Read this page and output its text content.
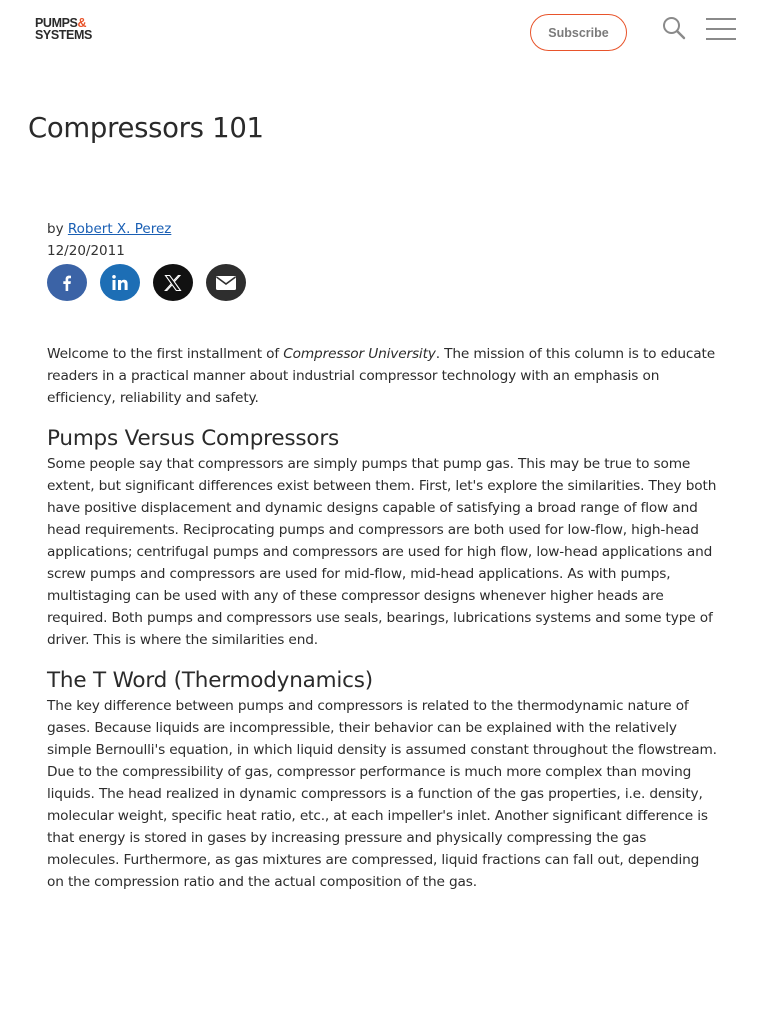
PUMPS&
SYSTEMS	Subscribe
Compressors 101
by Robert X. Perez
12/20/2011

Welcome to the first installment of Compressor University. The mission of this column is to educate readers in a practical manner about industrial compressor technology with an emphasis on efficiency, reliability and safety.

Pumps Versus Compressors

Some people say that compressors are simply pumps that pump gas. This may be true to some extent, but significant differences exist between them. First, let's explore the similarities. They both have positive displacement and dynamic designs capable of satisfying a broad range of flow and head requirements. Reciprocating pumps and compressors are both used for low-flow, high-head applications; centrifugal pumps and compressors are used for high flow, low-head applications and screw pumps and compressors are used for mid-flow, mid-head applications. As with pumps, multistaging can be used with any of these compressor designs whenever higher heads are required. Both pumps and compressors use seals, bearings, lubrications systems and some type of driver. This is where the similarities end.

The T Word (Thermodynamics)

The key difference between pumps and compressors is related to the thermodynamic nature of gases. Because liquids are incompressible, their behavior can be explained with the relatively simple Bernoulli's equation, in which liquid density is assumed constant throughout the flowstream.

Due to the compressibility of gas, compressor performance is much more complex than moving liquids. The head realized in dynamic compressors is a function of the gas properties, i.e. density, molecular weight, specific heat ratio, etc., at each impeller's inlet. Another significant difference is that energy is stored in gases by increasing pressure and physically compressing the gas molecules. Furthermore, as gas mixtures are compressed, liquid fractions can fall out, depending on the compression ratio and the actual composition of the gas.
